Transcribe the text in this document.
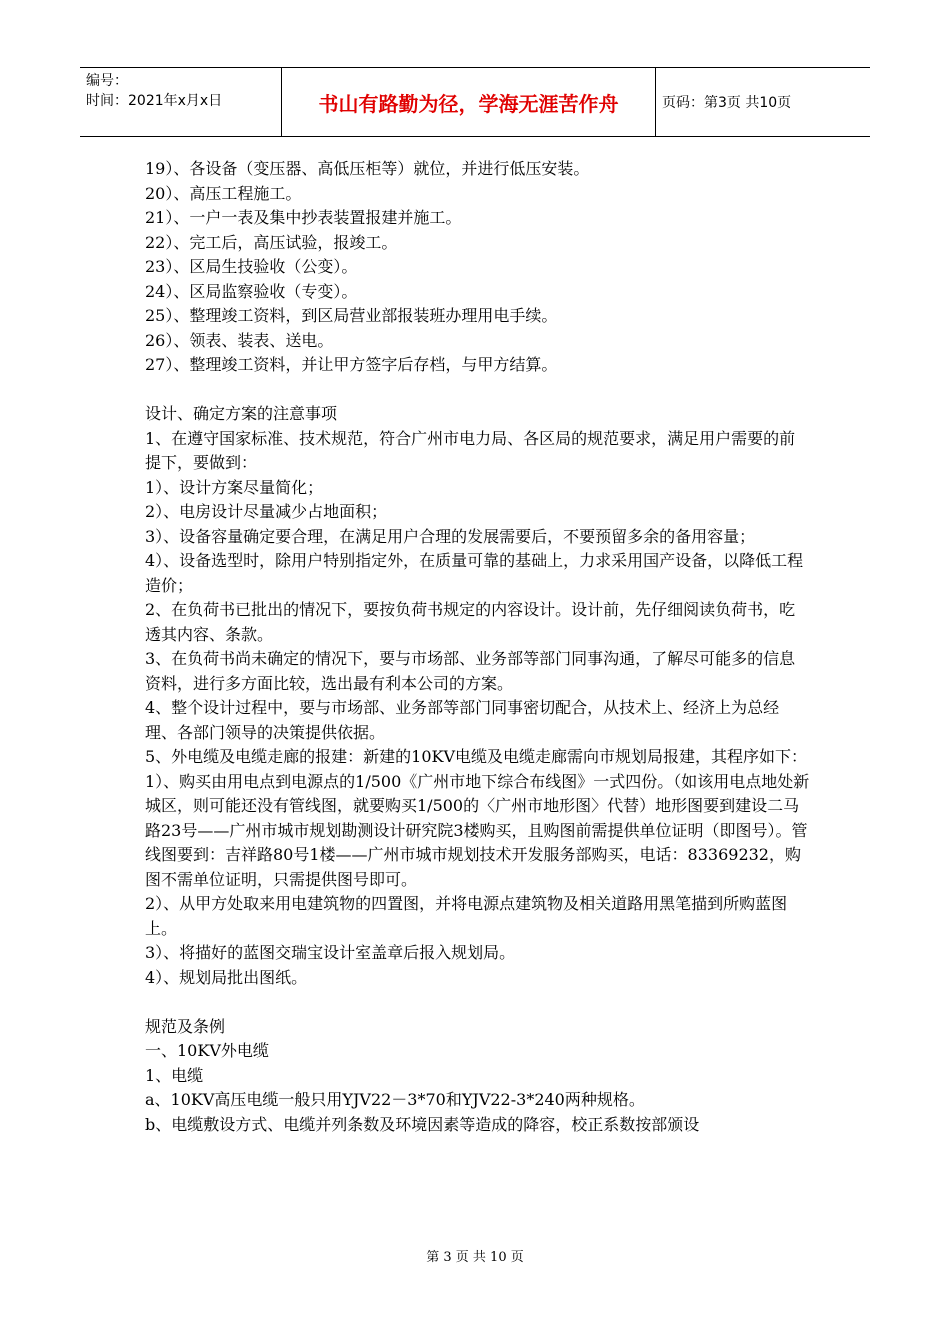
编号：
时间：2021年x月x日	书山有路勤为径，学海无涯苦作舟	页码：第3页 共10页

19）、各设备（变压器、高低压柜等）就位，并进行低压安装。

20）、高压工程施工。

21）、一户一表及集中抄表装置报建并施工。

22）、完工后，高压试验，报竣工。

23）、区局生技验收（公变）。

24）、区局监察验收（专变）。

25）、整理竣工资料，到区局营业部报装班办理用电手续。

26）、领表、装表、送电。

27）、整理竣工资料，并让甲方签字后存档，与甲方结算。

设计、确定方案的注意事项

1、在遵守国家标准、技术规范，符合广州市电力局、各区局的规范要求，满足用户需要的前提下，要做到：

1）、设计方案尽量简化；

2）、电房设计尽量减少占地面积；

3）、设备容量确定要合理，在满足用户合理的发展需要后，不要预留多余的备用容量；

4）、设备选型时，除用户特别指定外，在质量可靠的基础上，力求采用国产设备，以降低工程造价；

2、在负荷书已批出的情况下，要按负荷书规定的内容设计。设计前，先仔细阅读负荷书，吃透其内容、条款。

3、在负荷书尚未确定的情况下，要与市场部、业务部等部门同事沟通，了解尽可能多的信息资料，进行多方面比较，选出最有利本公司的方案。

4、整个设计过程中，要与市场部、业务部等部门同事密切配合，从技术上、经济上为总经理、各部门领导的决策提供依据。

5、外电缆及电缆走廊的报建：新建的10KV电缆及电缆走廊需向市规划局报建，其程序如下：

1）、购买由用电点到电源点的1/500《广州市地下综合布线图》一式四份。（如该用电点地处新城区，则可能还没有管线图，就要购买1/500的〈广州市地形图〉代替）地形图要到建设二马路23号——广州市城市规划勘测设计研究院3楼购买，且购图前需提供单位证明（即图号）。管线图要到：吉祥路80号1楼——广州市城市规划技术开发服务部购买，电话：83369232，购图不需单位证明，只需提供图号即可。

2）、从甲方处取来用电建筑物的四置图，并将电源点建筑物及相关道路用黑笔描到所购蓝图上。

3）、将描好的蓝图交瑞宝设计室盖章后报入规划局。

4）、规划局批出图纸。

规范及条例

一、10KV外电缆

1、电缆

a、10KV高压电缆一般只用YJV22－3*70和YJV22-3*240两种规格。

b、电缆敷设方式、电缆并列条数及环境因素等造成的降容，校正系数按部颁设

第 3 页 共 10 页
